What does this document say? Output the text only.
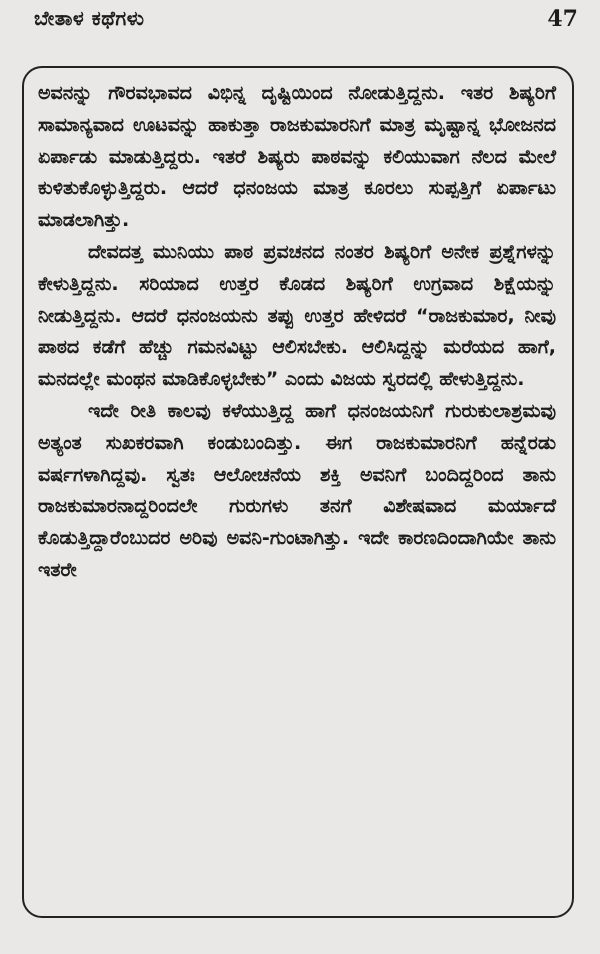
ಬೇತಾಳ ಕಥೆಗಳು	47

ಅವನನ್ನು ಗೌರವಭಾವದ ವಿಭಿನ್ನ ದೃಷ್ಟಿಯಿಂದ ನೋಡುತ್ತಿದ್ದನು. ಇತರ ಶಿಷ್ಯರಿಗೆ ಸಾಮಾನ್ಯವಾದ ಊಟವನ್ನು ಹಾಕುತ್ತಾ ರಾಜಕುಮಾರನಿಗೆ ಮಾತ್ರ ಮೃಷ್ಟಾನ್ನ ಭೋಜನದ ಏರ್ಪಾಡು ಮಾಡುತ್ತಿದ್ದರು. ಇತರೆ ಶಿಷ್ಯರು ಪಾಠವನ್ನು ಕಲಿಯುವಾಗ ನೆಲದ ಮೇಲೆ ಕುಳಿತುಕೊಳ್ಳುತ್ತಿದ್ದರು. ಆದರೆ ಧನಂಜಯ ಮಾತ್ರ ಕೂರಲು ಸುಪ್ಪತ್ತಿಗೆ ಏರ್ಪಾಟು ಮಾಡಲಾಗಿತ್ತು.

ದೇವದತ್ತ ಮುನಿಯು ಪಾಠ ಪ್ರವಚನದ ನಂತರ ಶಿಷ್ಯರಿಗೆ ಅನೇಕ ಪ್ರಶ್ನೆಗಳನ್ನು ಕೇಳುತ್ತಿದ್ದನು. ಸರಿಯಾದ ಉತ್ತರ ಕೊಡದ ಶಿಷ್ಯರಿಗೆ ಉಗ್ರವಾದ ಶಿಕ್ಷೆಯನ್ನು ನೀಡುತ್ತಿದ್ದನು. ಆದರೆ ಧನಂಜಯನು ತಪ್ಪು ಉತ್ತರ ಹೇಳಿದರೆ “ರಾಜಕುಮಾರ, ನೀವು ಪಾಠದ ಕಡೆಗೆ ಹೆಚ್ಚು ಗಮನವಿಟ್ಟು ಆಲಿಸಬೇಕು. ಆಲಿಸಿದ್ದನ್ನು ಮರೆಯದ ಹಾಗೆ, ಮನದಲ್ಲೇ ಮಂಥನ ಮಾಡಿಕೊಳ್ಳಬೇಕು” ಎಂದು ವಿಜಯ ಸ್ವರದಲ್ಲಿ ಹೇಳುತ್ತಿದ್ದನು.

ಇದೇ ರೀತಿ ಕಾಲವು ಕಳೆಯುತ್ತಿದ್ದ ಹಾಗೆ ಧನಂಜಯನಿಗೆ ಗುರುಕುಲಾಶ್ರಮವು ಅತ್ಯಂತ ಸುಖಕರವಾಗಿ ಕಂಡುಬಂದಿತ್ತು. ಈಗ ರಾಜಕುಮಾರನಿಗೆ ಹನ್ನೆರಡು ವರ್ಷಗಳಾಗಿದ್ದವು. ಸ್ವತಃ ಆಲೋಚನೆಯ ಶಕ್ತಿ ಅವನಿಗೆ ಬಂದಿದ್ದರಿಂದ ತಾನು ರಾಜಕುಮಾರನಾದ್ದರಿಂದಲೇ ಗುರುಗಳು ತನಗೆ ವಿಶೇಷವಾದ ಮರ್ಯಾದೆ ಕೊಡುತ್ತಿದ್ದಾರೆಂಬುದರ ಅರಿವು ಅವನಿ-ಗುಂಟಾಗಿತ್ತು. ಇದೇ ಕಾರಣದಿಂದಾಗಿಯೇ ತಾನು ಇತರೇ
